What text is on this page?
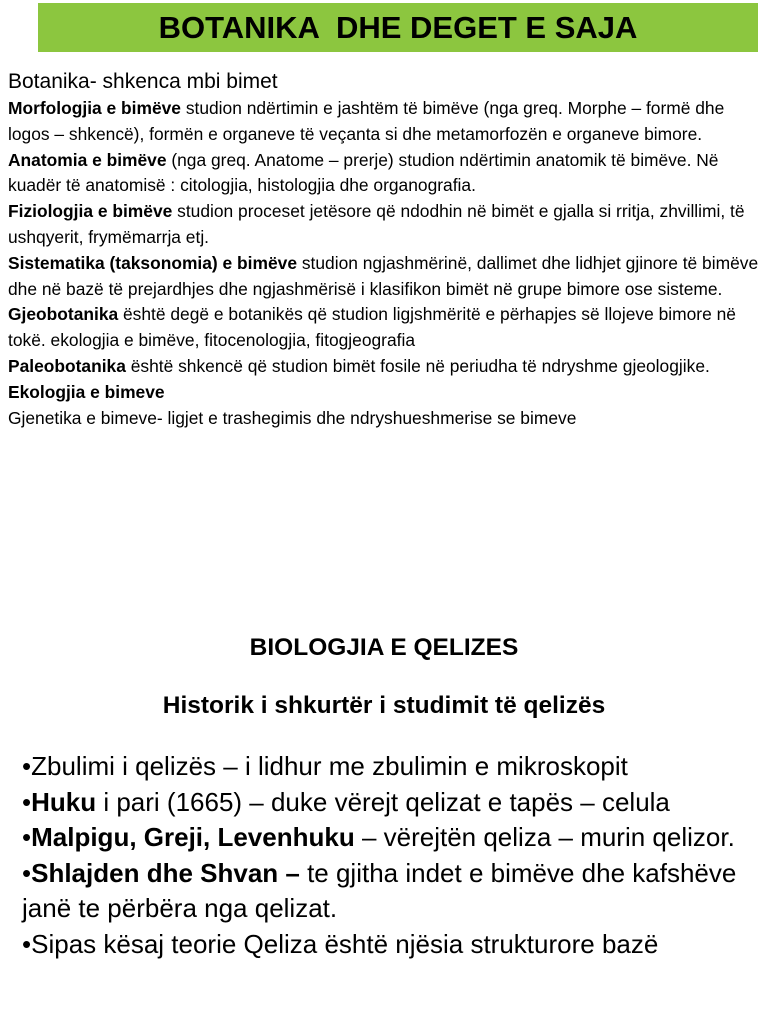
BOTANIKA  DHE DEGET E SAJA

Botanika- shkenca mbi bimet

Morfologjia e bimëve studion ndërtimin e jashtëm të bimëve (nga greq. Morphe – formë dhe logos – shkencë), formën e organeve të veçanta si dhe metamorfozën e organeve bimore.

Anatomia e bimëve (nga greq. Anatome – prerje) studion ndërtimin anatomik të bimëve. Në kuadër të anatomisë : citologjia, histologjia dhe organografia.

Fiziologjia e bimëve studion proceset jetësore që ndodhin në bimët e gjalla si rritja, zhvillimi, të ushqyerit, frymëmarrja etj.

Sistematika (taksonomia) e bimëve studion ngjashmërinë, dallimet dhe lidhjet gjinore të bimëve dhe në bazë të prejardhjes dhe ngjashmërisë i klasifikon bimët në grupe bimore ose sisteme.

Gjeobotanika është degë e botanikës që studion ligjshmëritë e përhapjes së llojeve bimore në tokë. ekologjia e bimëve, fitocenologjia, fitogjeografia

Paleobotanika është shkencë që studion bimët fosile në periudha të ndryshme gjeologjike.

Ekologjia e bimeve

Gjenetika e bimeve- ligjet e trashegimis dhe ndryshueshmerise se bimeve

BIOLOGJIA E QELIZES

Historik i shkurtër i studimit të qelizës

•Zbulimi i qelizës – i lidhur me zbulimin e mikroskopit

•Huku i pari (1665) – duke vërejt qelizat e tapës – celula

•Malpigu, Greji, Levenhuku – vërejtën qeliza – murin qelizor.

•Shlajden dhe Shvan – te gjitha indet e bimëve dhe kafshëve janë te përbëra nga qelizat.

•Sipas kësaj teorie Qeliza është njësia strukturore bazë
